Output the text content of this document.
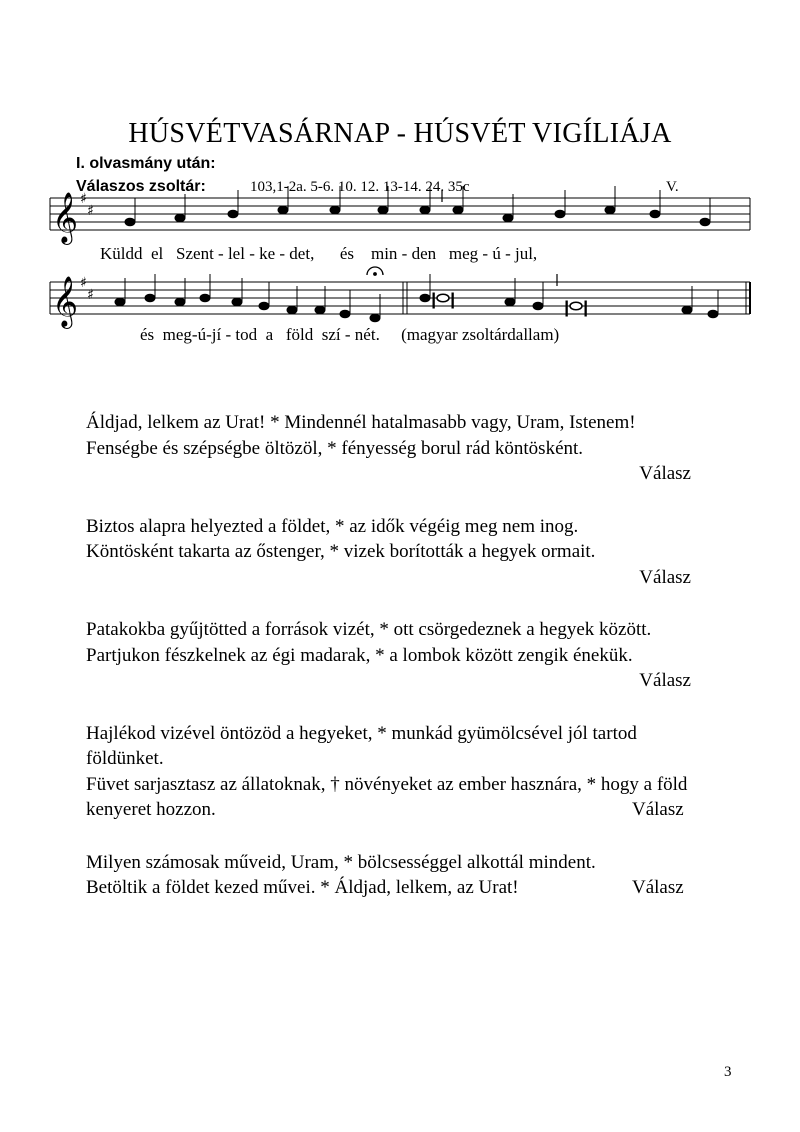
HÚSVÉTVASÁRNAP - HÚSVÉT VIGÍLIÁJA
I. olvasmány után:
Válaszos zsoltár:	103,1-2a. 5-6. 10. 12. 13-14. 24. 35c	V.
𝄞
𝄞
♯
♯
♯
♯
Küldd  el   Szent - lel - ke - det,      és    min - den   meg - ú - jul,
és  meg-ú-jí - tod  a   föld  szí - nét.     (magyar zsoltárdallam)
Áldjad, lelkem az Urat! * Mindennél hatalmasabb vagy, Uram, Istenem!
Fenségbe és szépségbe öltözöl, * fényesség borul rád köntösként.
Válasz
Biztos alapra helyezted a földet, * az idők végéig meg nem inog.
Köntösként takarta az őstenger, * vizek borították a hegyek ormait.
Válasz
Patakokba gyűjtötted a források vizét, * ott csörgedeznek a hegyek között.
Partjukon fészkelnek az égi madarak, * a lombok között zengik énekük.
Válasz
Hajlékod vizével öntözöd a hegyeket, * munkád gyümölcsével jól tartod
földünket.
Füvet sarjasztasz az állatoknak, † növényeket az ember hasznára, * hogy a föld
kenyeret hozzon.	Válasz
Milyen számosak műveid, Uram, * bölcsességgel alkottál mindent.
Betöltik a földet kezed művei. * Áldjad, lelkem, az Urat!	Válasz
3
